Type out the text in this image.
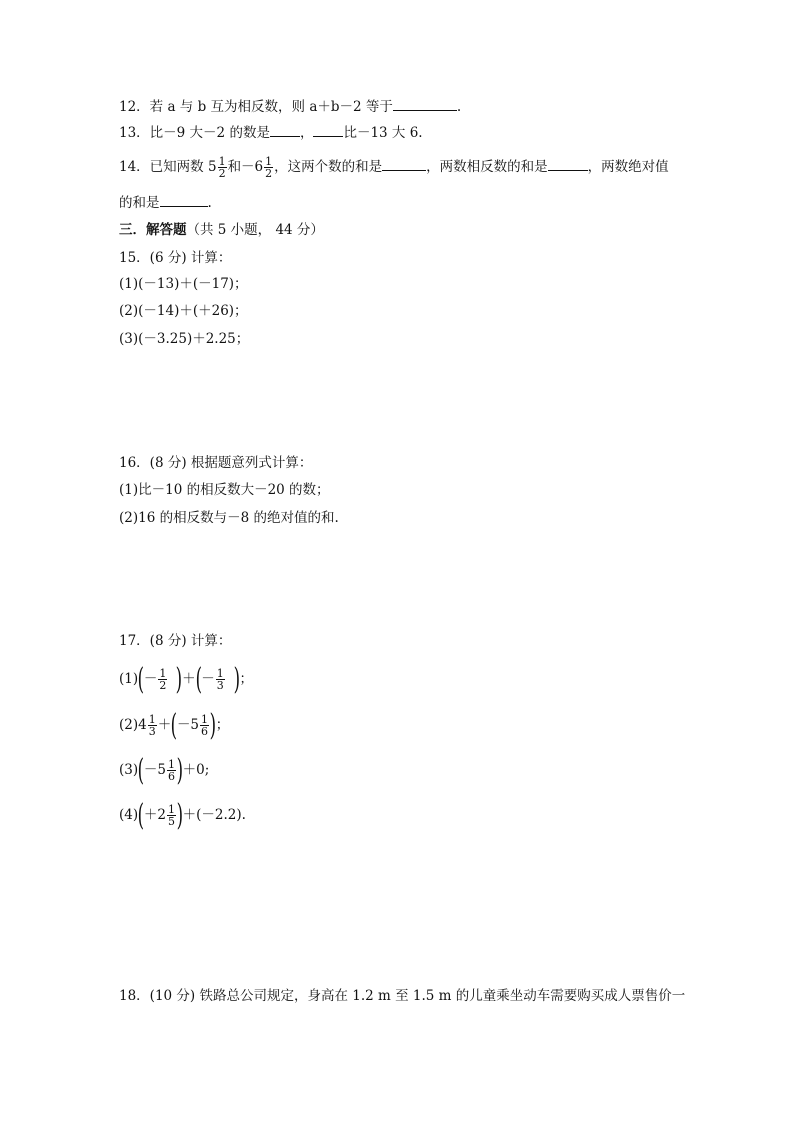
12．若 a 与 b 互为相反数，则 a＋b－2 等于	.
13．比－9 大－2 的数是 ， 比－13 大 6.
14．已知两数 $5 \frac{1}{2}$ 和$-6 \frac{1}{2}$ ，这两个数的和是	，两数相反数的和是	，两数绝对值
的和是	.
三．解答题（共 5 小题， 44 分）
15．(6 分) 计算：
(1)(－13)＋(－17)；
(2)(－14)＋(＋26)；
(3)(－3.25)＋2.25；
16．(8 分) 根据题意列式计算：
(1)比－10 的相反数大－20 的数；
(2)16 的相反数与－8 的绝对值的和.
17．(8 分) 计算：
$(1)(- \frac{1}{2}$ )＋(－ $\frac{1}{3}$ )；
$(2)4 \frac{1}{3} +(-5 \frac{1}{6}$ )；
$(3)(-5 \frac{1}{6} )+0$;
$(4)(+2 \frac{1}{5} )+(-2.2)$.
18．(10 分) 铁路总公司规定，身高在 1.2 m 至 1.5 m 的儿童乘坐动车需要购买成人票售价一
